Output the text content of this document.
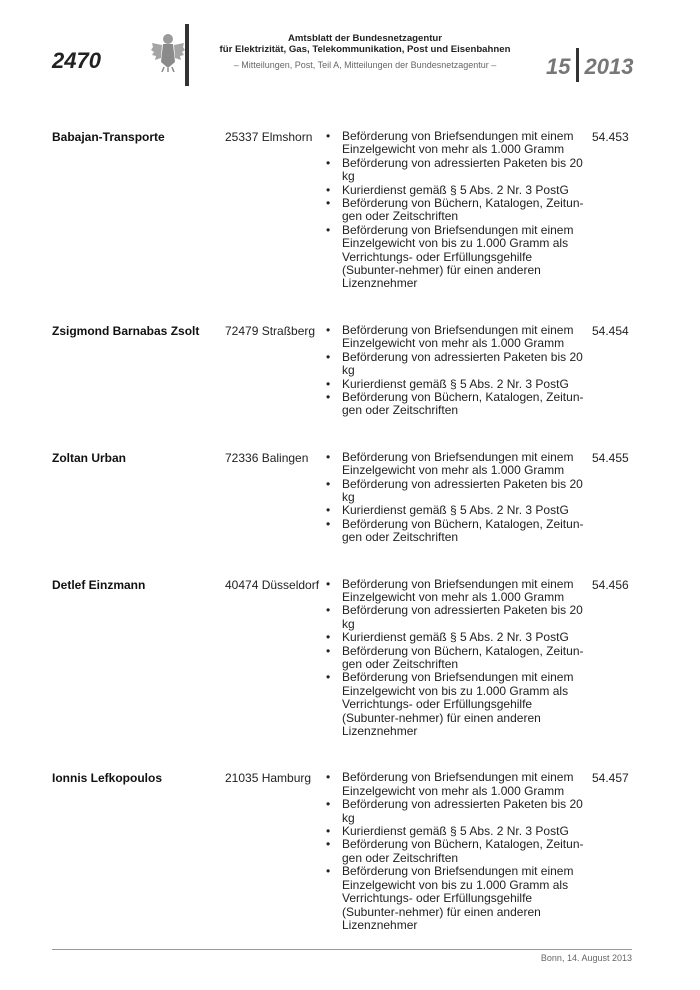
2470
Amtsblatt der Bundesnetzagentur
für Elektrizität, Gas, Telekommunikation, Post und Eisenbahnen
– Mitteilungen, Post, Teil A, Mitteilungen der Bundesnetzagentur –	15 2013
Babajan-Transporte	25337 Elmshorn	• Beförderung von Briefsendungen mit einem Einzelgewicht von mehr als 1.000 Gramm
• Beförderung von adressierten Paketen bis 20 kg
• Kurierdienst gemäß § 5 Abs. 2 Nr. 3 PostG
• Beförderung von Büchern, Katalogen, Zeitun-gen oder Zeitschriften
• Beförderung von Briefsendungen mit einem Einzelgewicht von bis zu 1.000 Gramm als Verrichtungs- oder Erfüllungsgehilfe (Subunter-nehmer) für einen anderen Lizenznehmer
54.453
Zsigmond Barnabas Zsolt	72479 Straßberg	• Beförderung von Briefsendungen mit einem Einzelgewicht von mehr als 1.000 Gramm
• Beförderung von adressierten Paketen bis 20 kg
• Kurierdienst gemäß § 5 Abs. 2 Nr. 3 PostG
• Beförderung von Büchern, Katalogen, Zeitun-gen oder Zeitschriften
54.454
Zoltan Urban	72336 Balingen	• Beförderung von Briefsendungen mit einem Einzelgewicht von mehr als 1.000 Gramm
• Beförderung von adressierten Paketen bis 20 kg
• Kurierdienst gemäß § 5 Abs. 2 Nr. 3 PostG
• Beförderung von Büchern, Katalogen, Zeitun-gen oder Zeitschriften
54.455
Detlef Einzmann	40474 Düsseldorf	• Beförderung von Briefsendungen mit einem Einzelgewicht von mehr als 1.000 Gramm
• Beförderung von adressierten Paketen bis 20 kg
• Kurierdienst gemäß § 5 Abs. 2 Nr. 3 PostG
• Beförderung von Büchern, Katalogen, Zeitun-gen oder Zeitschriften
• Beförderung von Briefsendungen mit einem Einzelgewicht von bis zu 1.000 Gramm als Verrichtungs- oder Erfüllungsgehilfe (Subunter-nehmer) für einen anderen Lizenznehmer
54.456
Ionnis Lefkopoulos	21035 Hamburg	• Beförderung von Briefsendungen mit einem Einzelgewicht von mehr als 1.000 Gramm
• Beförderung von adressierten Paketen bis 20 kg
• Kurierdienst gemäß § 5 Abs. 2 Nr. 3 PostG
• Beförderung von Büchern, Katalogen, Zeitun-gen oder Zeitschriften
• Beförderung von Briefsendungen mit einem Einzelgewicht von bis zu 1.000 Gramm als Verrichtungs- oder Erfüllungsgehilfe (Subunter-nehmer) für einen anderen Lizenznehmer
54.457
Bonn, 14. August 2013
